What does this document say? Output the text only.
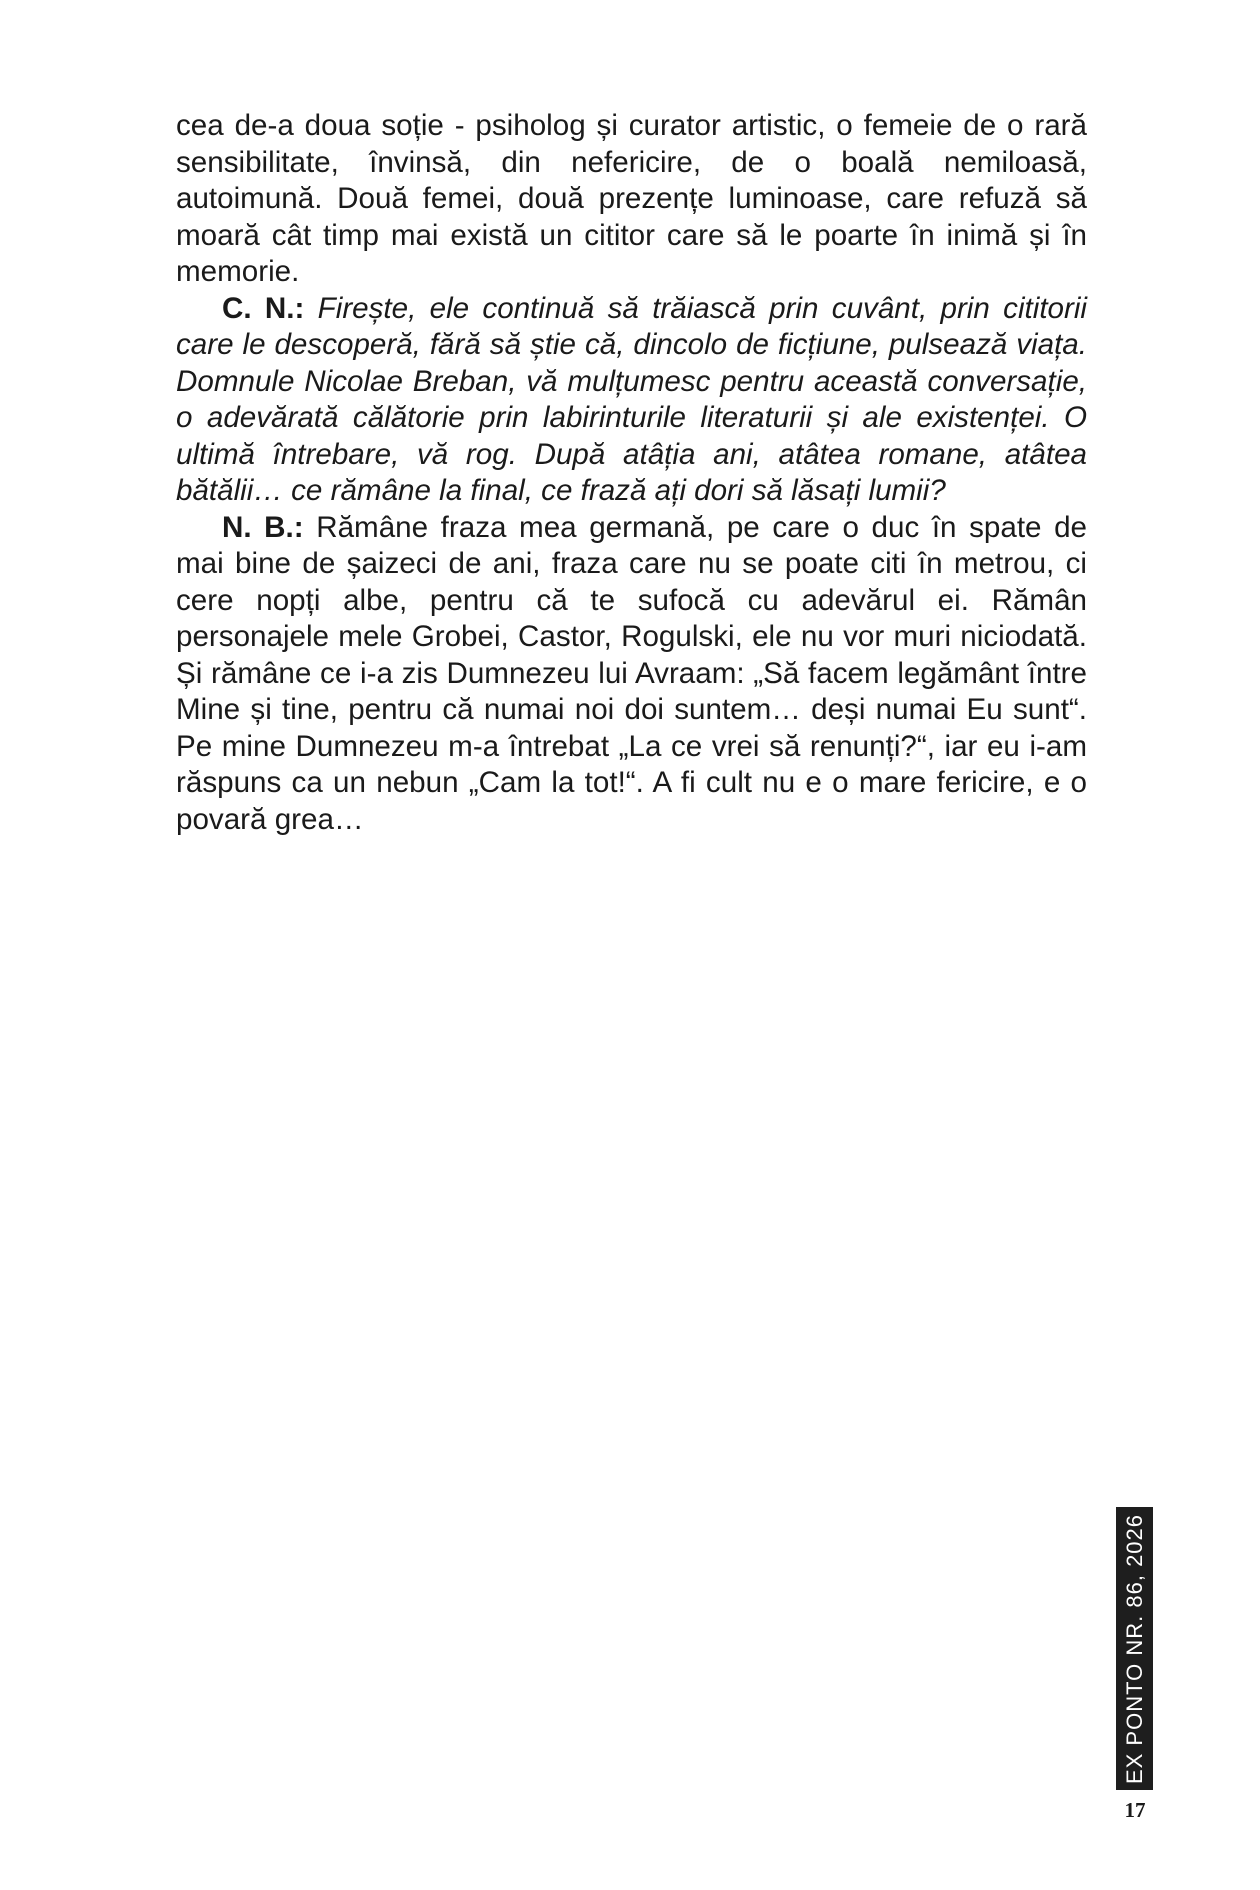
cea de-a doua soție - psiholog și curator artistic, o femeie de o rară sensibilitate, învinsă, din nefericire, de o boală nemiloasă, autoimună. Două femei, două prezențe luminoase, care refuză să moară cât timp mai există un cititor care să le poarte în inimă și în memorie.

C. N.: Firește, ele continuă să trăiască prin cuvânt, prin cititorii care le descoperă, fără să știe că, dincolo de ficțiune, pulsează viața. Domnule Nicolae Breban, vă mulțumesc pentru această conversație, o adevărată călătorie prin labirinturile literaturii și ale existenței. O ultimă întrebare, vă rog. După atâția ani, atâtea romane, atâtea bătălii… ce rămâne la final, ce frază ați dori să lăsați lumii?

N. B.: Rămâne fraza mea germană, pe care o duc în spate de mai bine de șaizeci de ani, fraza care nu se poate citi în metrou, ci cere nopți albe, pentru că te sufocă cu adevărul ei. Rămân personajele mele Grobei, Castor, Rogulski, ele nu vor muri niciodată. Și rămâne ce i-a zis Dumnezeu lui Avraam: „Să facem legământ între Mine și tine, pentru că numai noi doi suntem… deși numai Eu sunt“. Pe mine Dumnezeu m-a întrebat „La ce vrei să renunți?“, iar eu i-am răspuns ca un nebun „Cam la tot!“. A fi cult nu e o mare fericire, e o povară grea…

EX PONTO NR. 86, 2026
17
